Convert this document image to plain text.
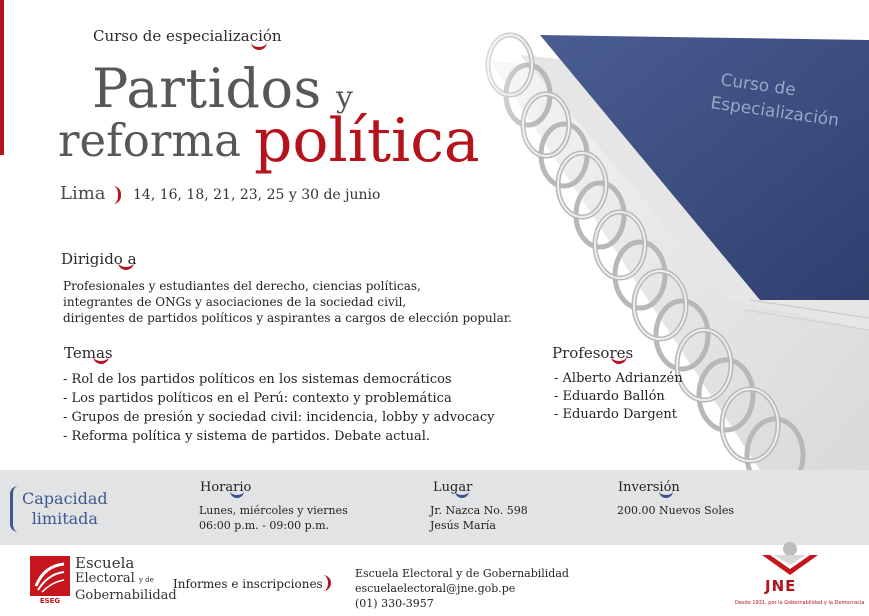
Curso de especialización
Partidos y
reforma política
Lima 14, 16, 18, 21, 23, 25 y 30 de junio
Dirigido a
Profesionales y estudiantes del derecho, ciencias políticas,
integrantes de ONGs y asociaciones de la sociedad civil,
dirigentes de partidos políticos y aspirantes a cargos de elección popular.
Temas
- Rol de los partidos políticos en los sistemas democráticos
- Los partidos políticos en el Perú: contexto y problemática
- Grupos de presión y sociedad civil: incidencia, lobby y advocacy
- Reforma política y sistema de partidos. Debate actual.
Profesores
- Alberto Adrianzén
- Eduardo Ballón
- Eduardo Dargent
Capacidad
limitada
Horario
Lunes, miércoles y viernes
06:00 p.m. - 09:00 p.m.
Lugar
Jr. Nazca No. 598
Jesús María
Inversión
200.00 Nuevos Soles
ESEG
Escuela
Electoral y de
Gobernabilidad
Informes e inscripciones
Escuela Electoral y de Gobernabilidad
escuelaelectoral@jne.gob.pe
(01) 330-3957
JNE
Desde 1931, por la Gobernabilidad y la Democracia
